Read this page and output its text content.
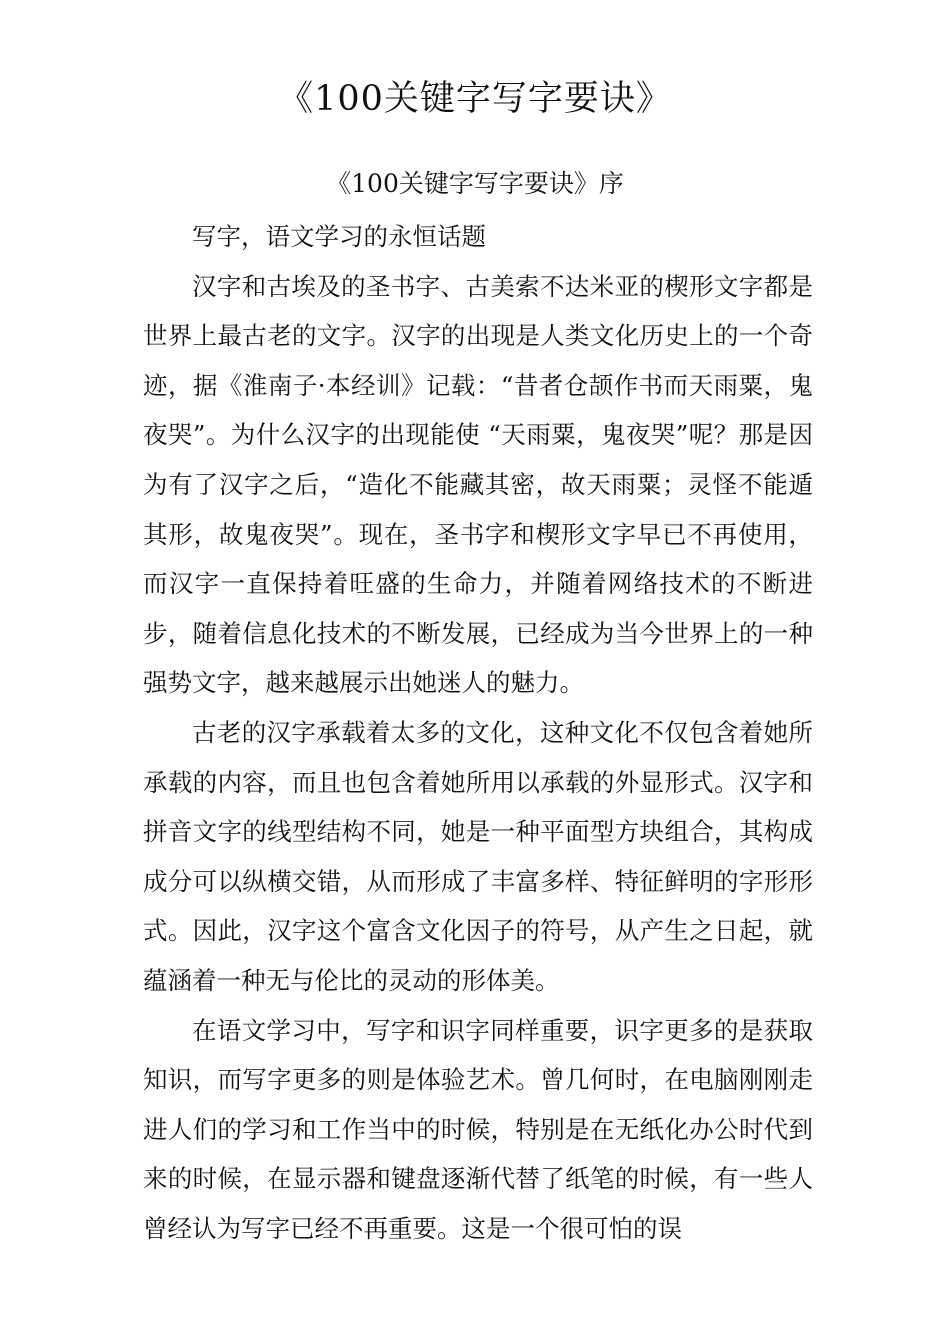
《100关键字写字要诀》
《100关键字写字要诀》序

写字，语文学习的永恒话题

汉字和古埃及的圣书字、古美索不达米亚的楔形文字都是世界上最古老的文字。汉字的出现是人类文化历史上的一个奇迹，据《淮南子·本经训》记载：“昔者仓颉作书而天雨粟，鬼夜哭”。为什么汉字的出现能使 “天雨粟，鬼夜哭”呢？那是因为有了汉字之后，“造化不能藏其密，故天雨粟；灵怪不能遁其形，故鬼夜哭”。现在，圣书字和楔形文字早已不再使用，而汉字一直保持着旺盛的生命力，并随着网络技术的不断进步，随着信息化技术的不断发展，已经成为当今世界上的一种强势文字，越来越展示出她迷人的魅力。

古老的汉字承载着太多的文化，这种文化不仅包含着她所承载的内容，而且也包含着她所用以承载的外显形式。汉字和拼音文字的线型结构不同，她是一种平面型方块组合，其构成成分可以纵横交错，从而形成了丰富多样、特征鲜明的字形形式。因此，汉字这个富含文化因子的符号，从产生之日起，就蕴涵着一种无与伦比的灵动的形体美。

在语文学习中，写字和识字同样重要，识字更多的是获取知识，而写字更多的则是体验艺术。曾几何时，在电脑刚刚走进人们的学习和工作当中的时候，特别是在无纸化办公时代到来的时候，在显示器和键盘逐渐代替了纸笔的时候，有一些人曾经认为写字已经不再重要。这是一个很可怕的误
